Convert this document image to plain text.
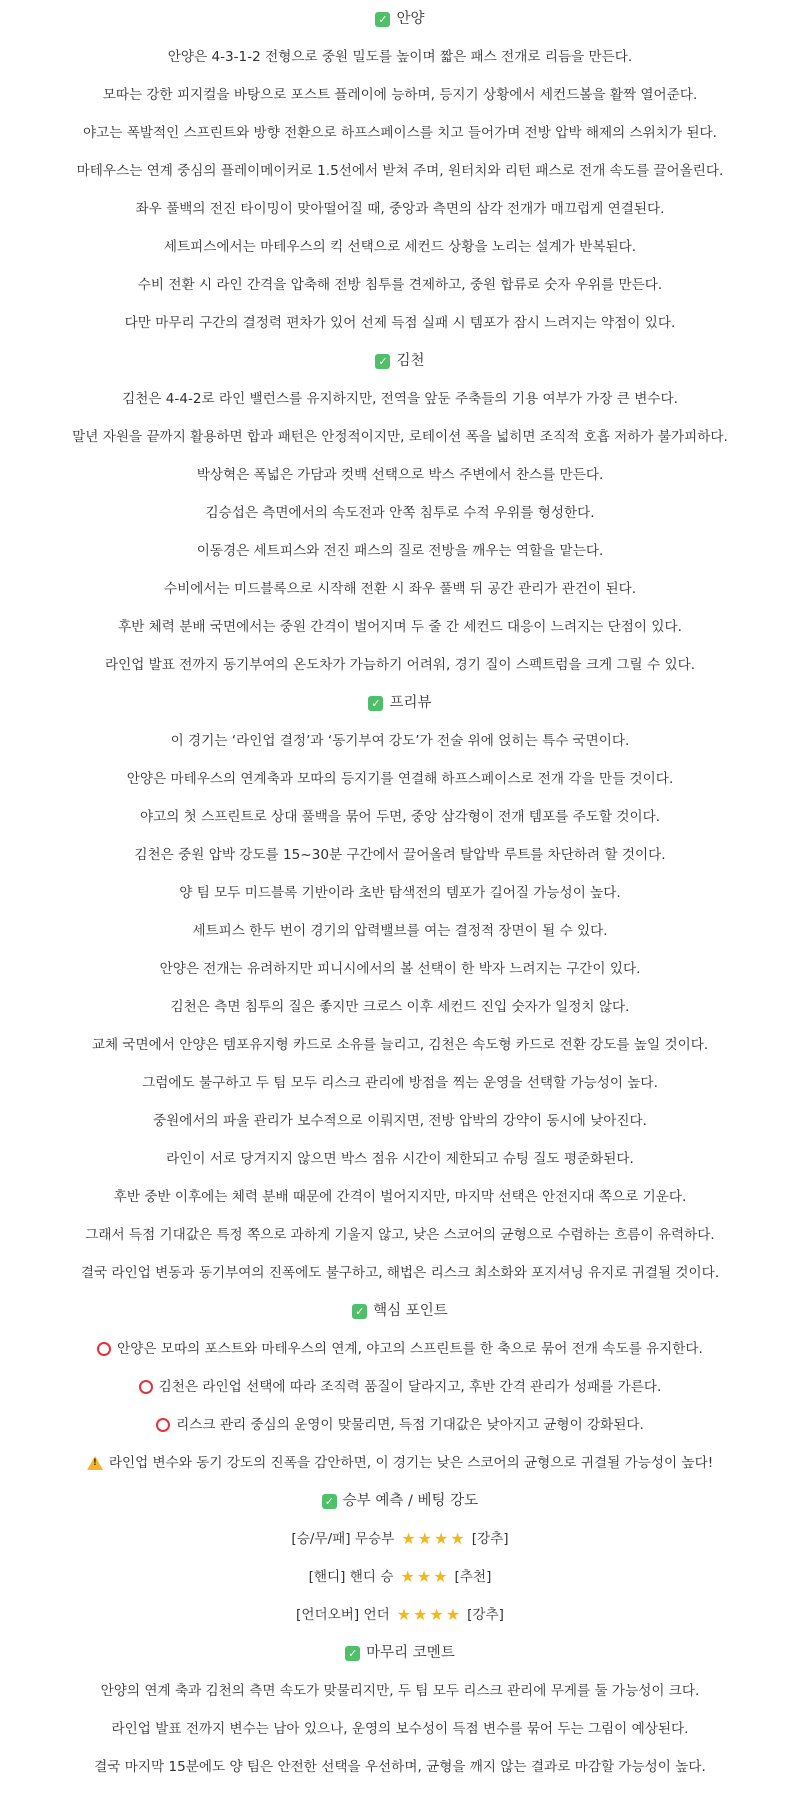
✓ 안양
안양은 4-3-1-2 전형으로 중원 밀도를 높이며 짧은 패스 전개로 리듬을 만든다.
모따는 강한 피지컬을 바탕으로 포스트 플레이에 능하며, 등지기 상황에서 세컨드볼을 활짝 열어준다.
야고는 폭발적인 스프린트와 방향 전환으로 하프스페이스를 치고 들어가며 전방 압박 해제의 스위치가 된다.
마테우스는 연계 중심의 플레이메이커로 1.5선에서 받쳐 주며, 원터치와 리턴 패스로 전개 속도를 끌어올린다.
좌우 풀백의 전진 타이밍이 맞아떨어질 때, 중앙과 측면의 삼각 전개가 매끄럽게 연결된다.
세트피스에서는 마테우스의 킥 선택으로 세컨드 상황을 노리는 설계가 반복된다.
수비 전환 시 라인 간격을 압축해 전방 침투를 견제하고, 중원 합류로 숫자 우위를 만든다.
다만 마무리 구간의 결정력 편차가 있어 선제 득점 실패 시 템포가 잠시 느려지는 약점이 있다.
✓ 김천
김천은 4-4-2로 라인 밸런스를 유지하지만, 전역을 앞둔 주축들의 기용 여부가 가장 큰 변수다.
말년 자원을 끝까지 활용하면 합과 패턴은 안정적이지만, 로테이션 폭을 넓히면 조직적 호흡 저하가 불가피하다.
박상혁은 폭넓은 가담과 컷백 선택으로 박스 주변에서 찬스를 만든다.
김승섭은 측면에서의 속도전과 안쪽 침투로 수적 우위를 형성한다.
이동경은 세트피스와 전진 패스의 질로 전방을 깨우는 역할을 맡는다.
수비에서는 미드블록으로 시작해 전환 시 좌우 풀백 뒤 공간 관리가 관건이 된다.
후반 체력 분배 국면에서는 중원 간격이 벌어지며 두 줄 간 세컨드 대응이 느려지는 단점이 있다.
라인업 발표 전까지 동기부여의 온도차가 가늠하기 어려워, 경기 질이 스펙트럼을 크게 그릴 수 있다.
✓ 프리뷰
이 경기는 ‘라인업 결정’과 ‘동기부여 강도’가 전술 위에 얹히는 특수 국면이다.
안양은 마테우스의 연계축과 모따의 등지기를 연결해 하프스페이스로 전개 각을 만들 것이다.
야고의 첫 스프린트로 상대 풀백을 묶어 두면, 중앙 삼각형이 전개 템포를 주도할 것이다.
김천은 중원 압박 강도를 15~30분 구간에서 끌어올려 탈압박 루트를 차단하려 할 것이다.
양 팀 모두 미드블록 기반이라 초반 탐색전의 템포가 길어질 가능성이 높다.
세트피스 한두 번이 경기의 압력밸브를 여는 결정적 장면이 될 수 있다.
안양은 전개는 유려하지만 피니시에서의 볼 선택이 한 박자 느려지는 구간이 있다.
김천은 측면 침투의 질은 좋지만 크로스 이후 세컨드 진입 숫자가 일정치 않다.
교체 국면에서 안양은 템포유지형 카드로 소유를 늘리고, 김천은 속도형 카드로 전환 강도를 높일 것이다.
그럼에도 불구하고 두 팀 모두 리스크 관리에 방점을 찍는 운영을 선택할 가능성이 높다.
중원에서의 파울 관리가 보수적으로 이뤄지면, 전방 압박의 강약이 동시에 낮아진다.
라인이 서로 당겨지지 않으면 박스 점유 시간이 제한되고 슈팅 질도 평준화된다.
후반 중반 이후에는 체력 분배 때문에 간격이 벌어지지만, 마지막 선택은 안전지대 쪽으로 기운다.
그래서 득점 기대값은 특정 쪽으로 과하게 기울지 않고, 낮은 스코어의 균형으로 수렴하는 흐름이 유력하다.
결국 라인업 변동과 동기부여의 진폭에도 불구하고, 해법은 리스크 최소화와 포지셔닝 유지로 귀결될 것이다.
✓ 핵심 포인트
안양은 모따의 포스트와 마테우스의 연계, 야고의 스프린트를 한 축으로 묶어 전개 속도를 유지한다.
김천은 라인업 선택에 따라 조직력 품질이 달라지고, 후반 간격 관리가 성패를 가른다.
리스크 관리 중심의 운영이 맞물리면, 득점 기대값은 낮아지고 균형이 강화된다.
!
라인업 변수와 동기 강도의 진폭을 감안하면, 이 경기는 낮은 스코어의 균형으로 귀결될 가능성이 높다!
✓ 승부 예측 / 베팅 강도
[승/무/패] 무승부 ★ ★ ★ ★ [강추]
[핸디] 핸디 승 ★ ★ ★ [추천]
[언더오버] 언더 ★ ★ ★ ★ [강추]
✓ 마무리 코멘트
안양의 연계 축과 김천의 측면 속도가 맞물리지만, 두 팀 모두 리스크 관리에 무게를 둘 가능성이 크다.
라인업 발표 전까지 변수는 남아 있으나, 운영의 보수성이 득점 변수를 묶어 두는 그림이 예상된다.
결국 마지막 15분에도 양 팀은 안전한 선택을 우선하며, 균형을 깨지 않는 결과로 마감할 가능성이 높다.
